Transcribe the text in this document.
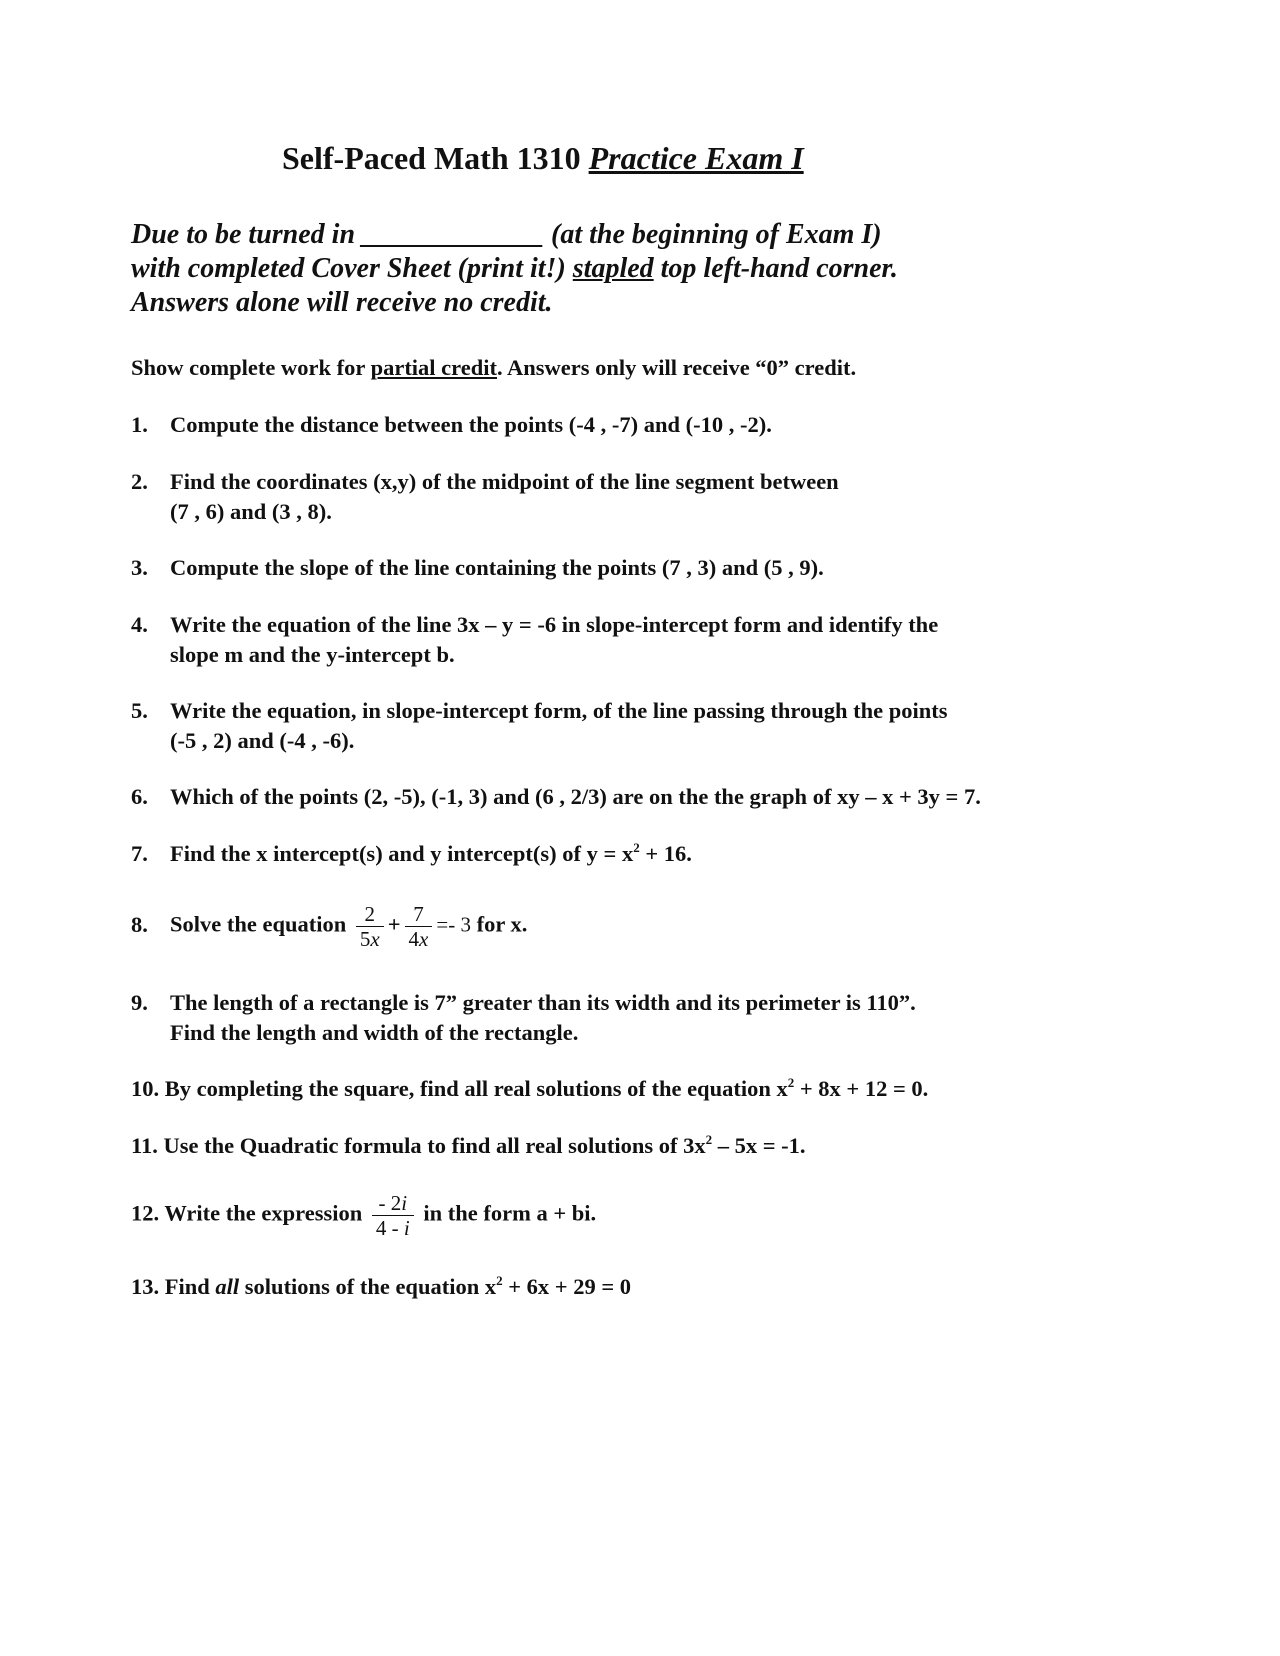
Self-Paced Math 1310 Practice Exam I
Due to be turned in _____________ (at the beginning of Exam I)
with completed Cover Sheet (print it!) stapled top left-hand corner.
Answers alone will receive no credit.
Show complete work for partial credit. Answers only will receive “0” credit.
1. Compute the distance between the points (-4 , -7) and (-10 , -2).
2. Find the coordinates (x,y) of the midpoint of the line segment between
(7 , 6) and (3 , 8).
3. Compute the slope of the line containing the points (7 , 3) and (5 , 9).
4. Write the equation of the line 3x – y = -6 in slope-intercept form and identify the
slope m and the y-intercept b.
5. Write the equation, in slope-intercept form, of the line passing through the points
(-5 , 2) and (-4 , -6).
6. Which of the points (2, -5), (-1, 3) and (6 , 2/3) are on the the graph of xy – x + 3y = 7.
7. Find the x intercept(s) and y intercept(s) of $y = x^2 + 16$.
8. Solve the equation $\frac{2}{5x} + \frac{7}{4x} =- 3$ for x.
9. The length of a rectangle is 7” greater than its width and its perimeter is 110”.
Find the length and width of the rectangle.
10. By completing the square, find all real solutions of the equation $x^2 + 8x + 12 = 0$.
11. Use the Quadratic formula to find all real solutions of $3x^2 - 5x = -1$.
12. Write the expression $\frac{- 2i}{4 - i}$ in the form a + bi.
13. Find all solutions of the equation $x^2 + 6x + 29 = 0$
